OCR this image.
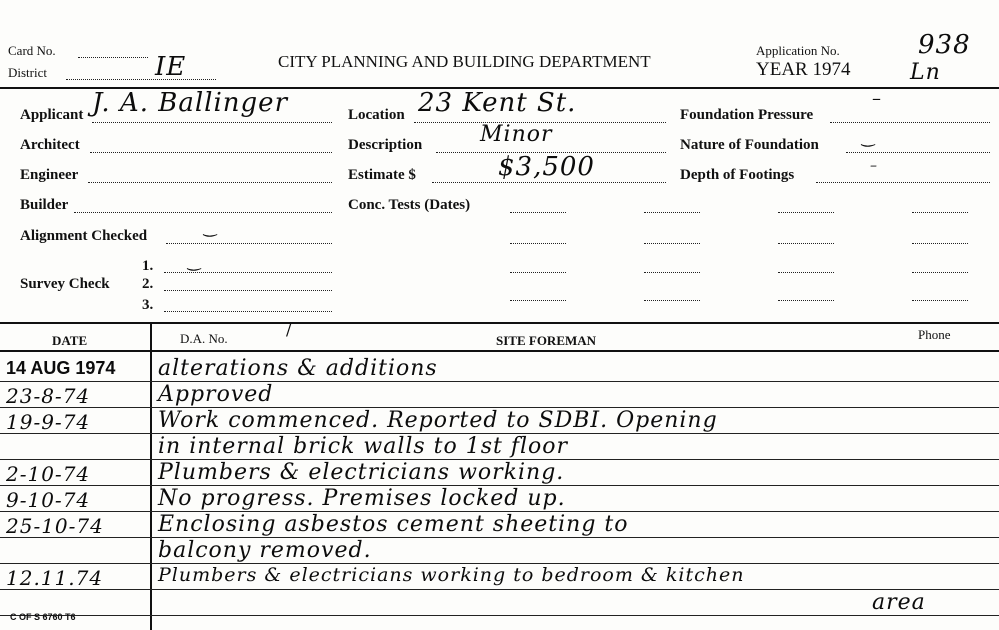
Card No.
District	IE	CITY PLANNING AND BUILDING DEPARTMENT
Application No.
YEAR 1974
938
Ln
Applicant J. A. Ballinger
Architect
Engineer
Builder
Alignment Checked	‿
Survey Check
1. ‿
2.
3.
Location 23 Kent St.
Description	Minor
Estimate $	$3,500
Conc. Tests (Dates)
Foundation Pressure
–
Nature of Foundation	‿
Depth of Footings
–
DATE	D.A. No.	/
SITE FOREMAN	Phone
14 AUG 1974 alterations & additions
23-8-74	Approved
19-9-74	Work commenced. Reported to SDBI. Opening
in internal brick walls to 1st floor
2-10-74	Plumbers & electricians working.
9-10-74	No progress. Premises locked up.
25-10-74 Enclosing asbestos cement sheeting to
balcony removed.
12.11.74	Plumbers & electricians working to bedroom & kitchen
area
C OF S 6760 T6
